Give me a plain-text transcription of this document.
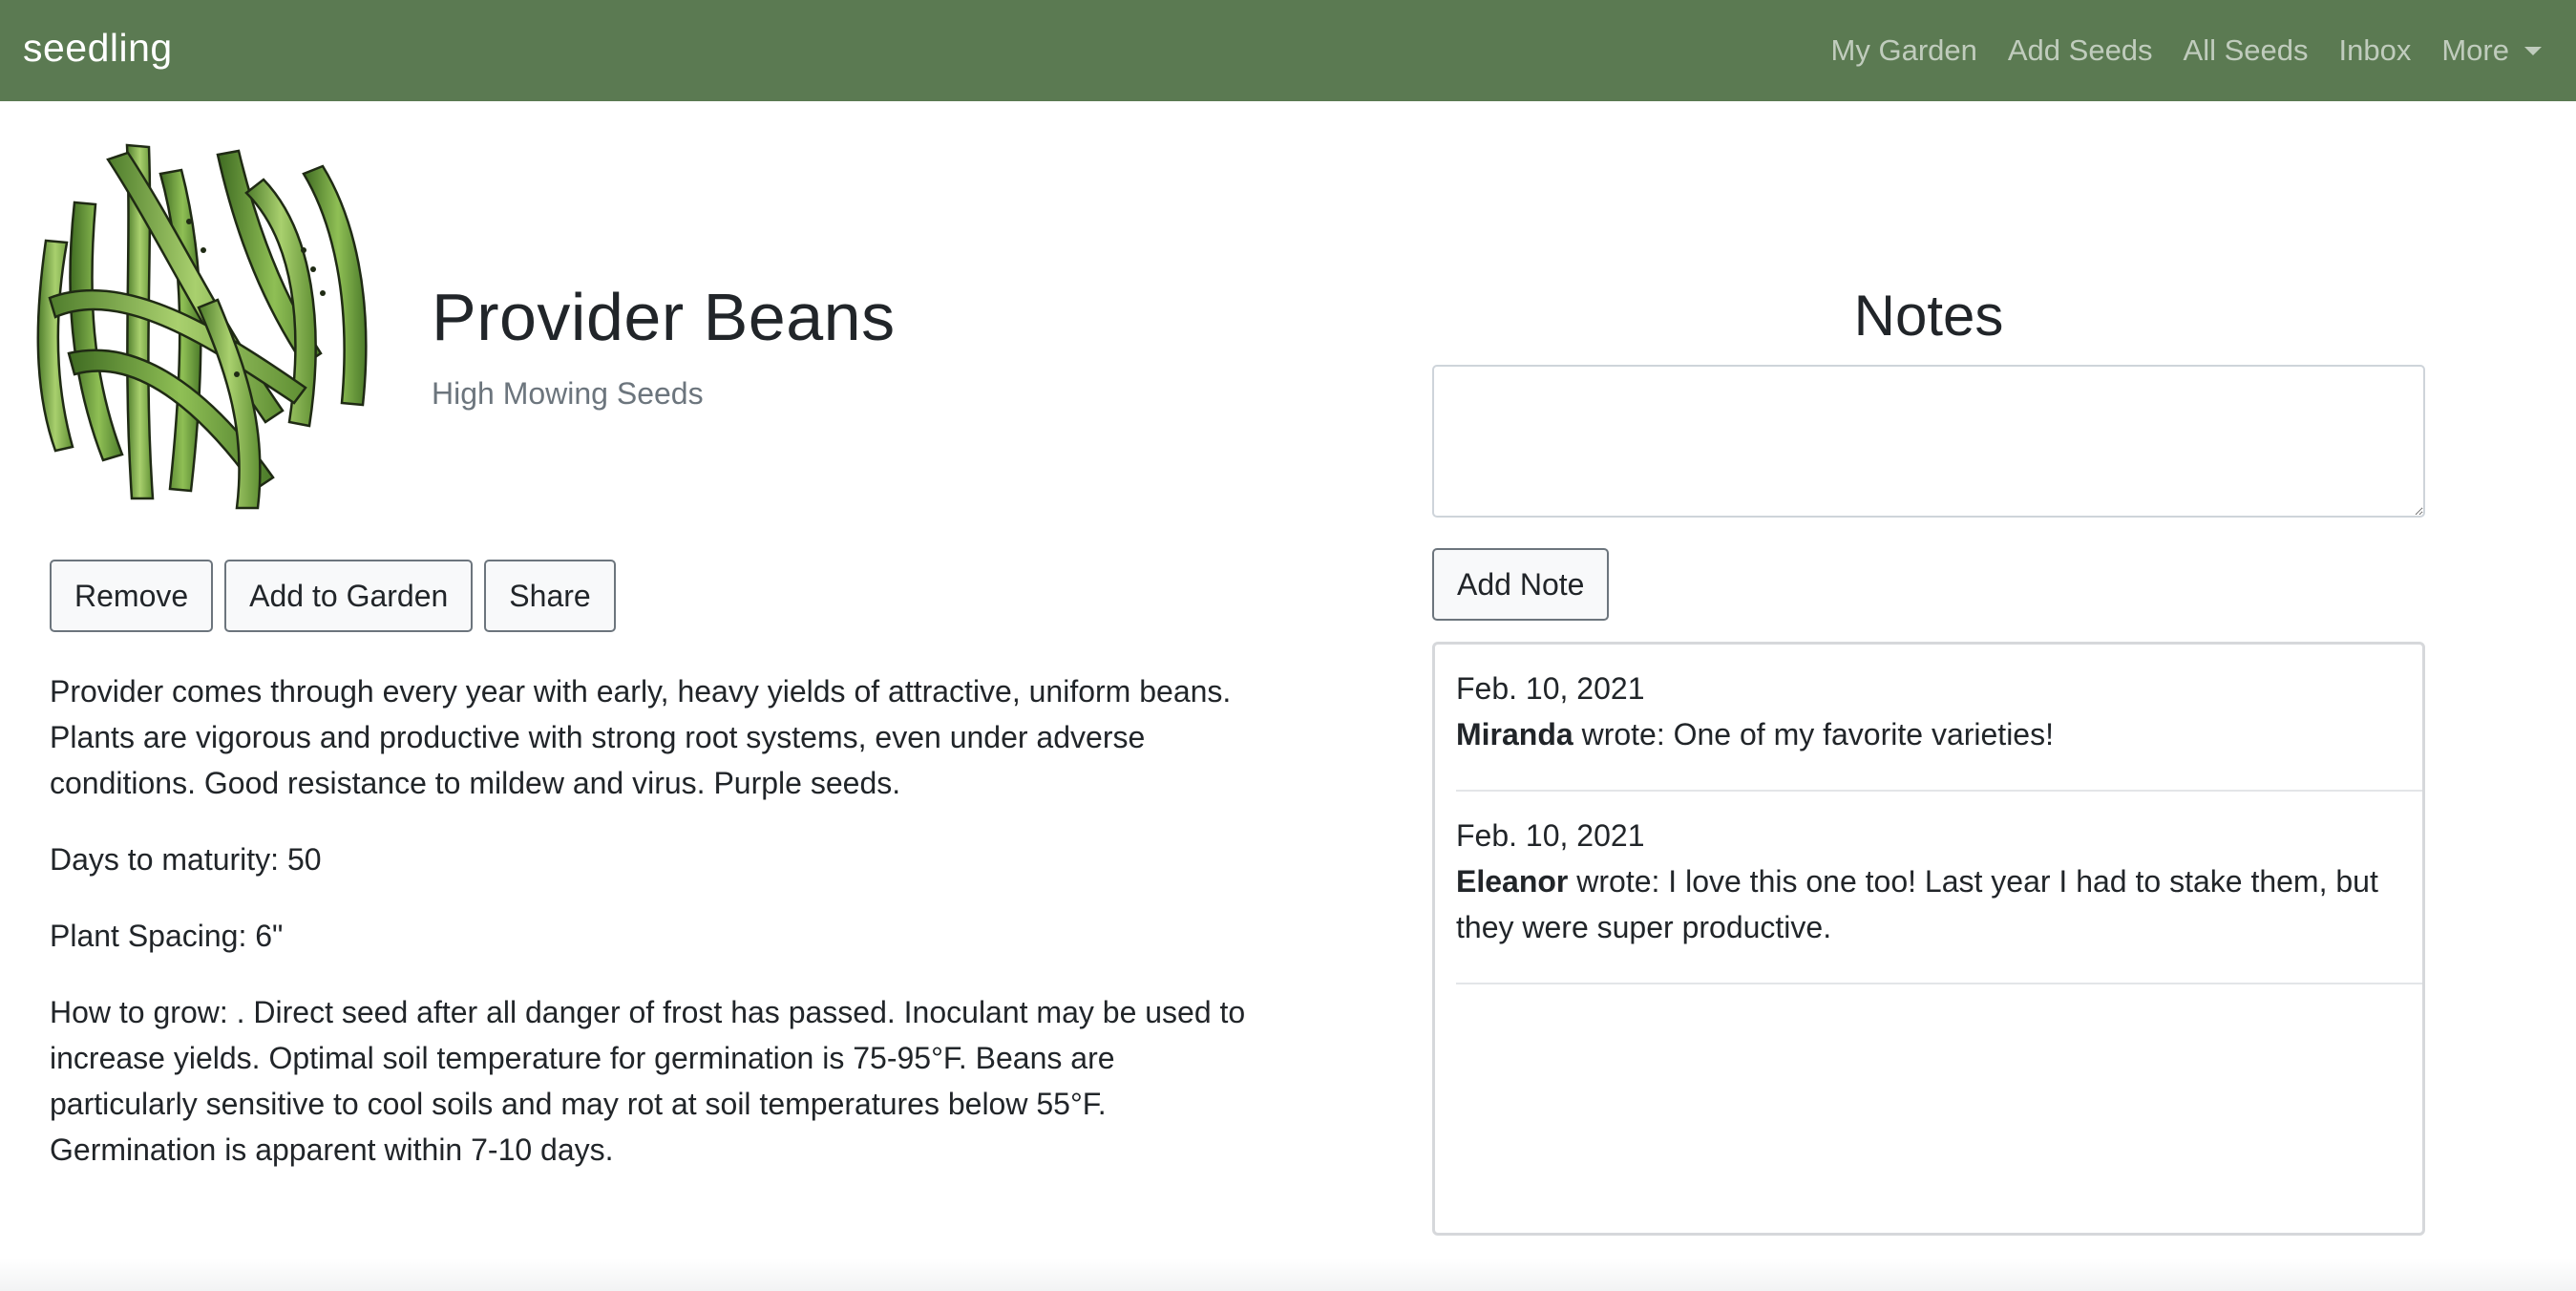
seedling	My Garden Add Seeds All Seeds Inbox More
Provider Beans

High Mowing Seeds

Remove	Add to Garden	Share

Provider comes through every year with early, heavy yields of attractive, uniform beans. Plants are vigorous and productive with strong root systems, even under adverse conditions. Good resistance to mildew and virus. Purple seeds.

Days to maturity: 50

Plant Spacing: 6"

How to grow: . Direct seed after all danger of frost has passed. Inoculant may be used to increase yields. Optimal soil temperature for germination is 75-95°F. Beans are particularly sensitive to cool soils and may rot at soil temperatures below 55°F. Germination is apparent within 7-10 days.

Notes
Add Note
Feb. 10, 2021
Miranda wrote: One of my favorite varieties!
Feb. 10, 2021
Eleanor wrote: I love this one too! Last year I had to stake them, but they were super productive.
